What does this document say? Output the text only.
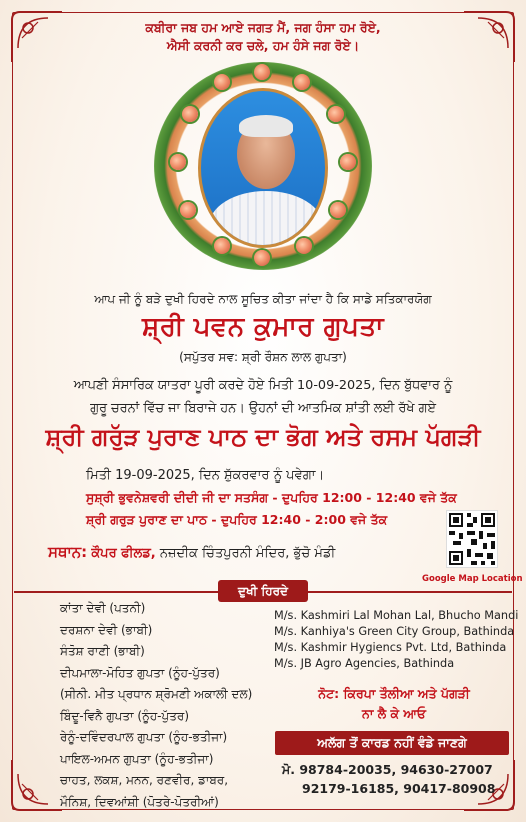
ਕਬੀਰਾ ਜਬ ਹਮ ਆਏ ਜਗਤ ਮੈਂ, ਜਗ ਹੰਸਾ ਹਮ ਰੋਏ,
ਐਸੀ ਕਰਨੀ ਕਰ ਚਲੇ, ਹਮ ਹੰਸੇ ਜਗ ਰੋਏ।
ਆਪ ਜੀ ਨੂੰ ਬੜੇ ਦੁਖੀ ਹਿਰਦੇ ਨਾਲ ਸੂਚਿਤ ਕੀਤਾ ਜਾਂਦਾ ਹੈ ਕਿ ਸਾਡੇ ਸਤਿਕਾਰਯੋਗ
ਸ਼੍ਰੀ ਪਵਨ ਕੁਮਾਰ ਗੁਪਤਾ
(ਸਪੁੱਤਰ ਸਵ: ਸ਼੍ਰੀ ਰੌਸ਼ਨ ਲਾਲ ਗੁਪਤਾ)
ਆਪਣੀ ਸੰਸਾਰਿਕ ਯਾਤਰਾ ਪੂਰੀ ਕਰਦੇ ਹੋਏ ਮਿਤੀ 10-09-2025, ਦਿਨ ਬੁੱਧਵਾਰ ਨੂੰ
ਗੁਰੂ ਚਰਨਾਂ ਵਿੱਚ ਜਾ ਬਿਰਾਜੇ ਹਨ। ਉਹਨਾਂ ਦੀ ਆਤਮਿਕ ਸ਼ਾਂਤੀ ਲਈ ਰੱਖੇ ਗਏ
ਸ਼੍ਰੀ ਗਰੁੱੜ ਪੁਰਾਣ ਪਾਠ ਦਾ ਭੋਗ ਅਤੇ ਰਸਮ ਪੱਗੜੀ
ਮਿਤੀ 19-09-2025, ਦਿਨ ਸ਼ੁੱਕਰਵਾਰ ਨੂੰ ਪਵੇਗਾ।
ਸੁਸ਼੍ਰੀ ਭੁਵਨੇਸ਼ਵਰੀ ਦੀਦੀ ਜੀ ਦਾ ਸਤਸੰਗ - ਦੁਪਹਿਰ 12:00 - 12:40 ਵਜੇ ਤੱਕ
ਸ਼੍ਰੀ ਗਰੁੜ ਪੁਰਾਣ ਦਾ ਪਾਠ - ਦੁਪਹਿਰ 12:40 - 2:00 ਵਜੇ ਤੱਕ
ਸਥਾਨ: ਕੌਪਰ ਫੀਲਡ, ਨਜ਼ਦੀਕ ਚਿੰਤਪੁਰਨੀ ਮੰਦਿਰ, ਭੁੱਚੋ ਮੰਡੀ
Google Map Location
ਦੁਖੀ ਹਿਰਦੇ
ਕਾਂਤਾ ਦੇਵੀ (ਪਤਨੀ)
ਦਰਸ਼ਨਾ ਦੇਵੀ (ਭਾਬੀ)
ਸੰਤੋਸ਼ ਰਾਣੀ (ਭਾਬੀ)
ਦੀਪਮਾਲਾ-ਮੋਹਿਤ ਗੁਪਤਾ (ਨੂੰਹ-ਪੁੱਤਰ)
(ਸੀਨੀ. ਮੀਤ ਪ੍ਰਧਾਨ ਸ਼੍ਰੋਮਣੀ ਅਕਾਲੀ ਦਲ)
ਬਿੰਦੂ-ਵਿਨੈ ਗੁਪਤਾ (ਨੂੰਹ-ਪੁੱਤਰ)
ਰੇਨੂੰ-ਦਵਿੰਦਰਪਾਲ ਗੁਪਤਾ (ਨੂੰਹ-ਭਤੀਜਾ)
ਪਾਇਲ-ਅਮਨ ਗੁਪਤਾ (ਨੂੰਹ-ਭਤੀਜਾ)
ਚਾਹਤ, ਲਕਸ਼, ਮਨਨ, ਰਣਵੀਰ, ਡਾਬਰ,
ਮੌਨਿਸ਼, ਦਿਵਆਂਸ਼ੀ (ਪੋਤਰੇ-ਪੋਤਰੀਆਂ)
M/s. Kashmiri Lal Mohan Lal, Bhucho Mandi
M/s. Kanhiya's Green City Group, Bathinda
M/s. Kashmir Hygiencs Pvt. Ltd, Bathinda
M/s. JB Agro Agencies, Bathinda
ਨੋਟ: ਕਿਰਪਾ ਤੌਲੀਆ ਅਤੇ ਪੱਗੜੀ
ਨਾ ਲੈ ਕੇ ਆਓ
ਅਲੱਗ ਤੋਂ ਕਾਰਡ ਨਹੀਂ ਵੰਡੇ ਜਾਣਗੇ
ਮੋ. 98784-20035, 94630-27007
92179-16185, 90417-80908
